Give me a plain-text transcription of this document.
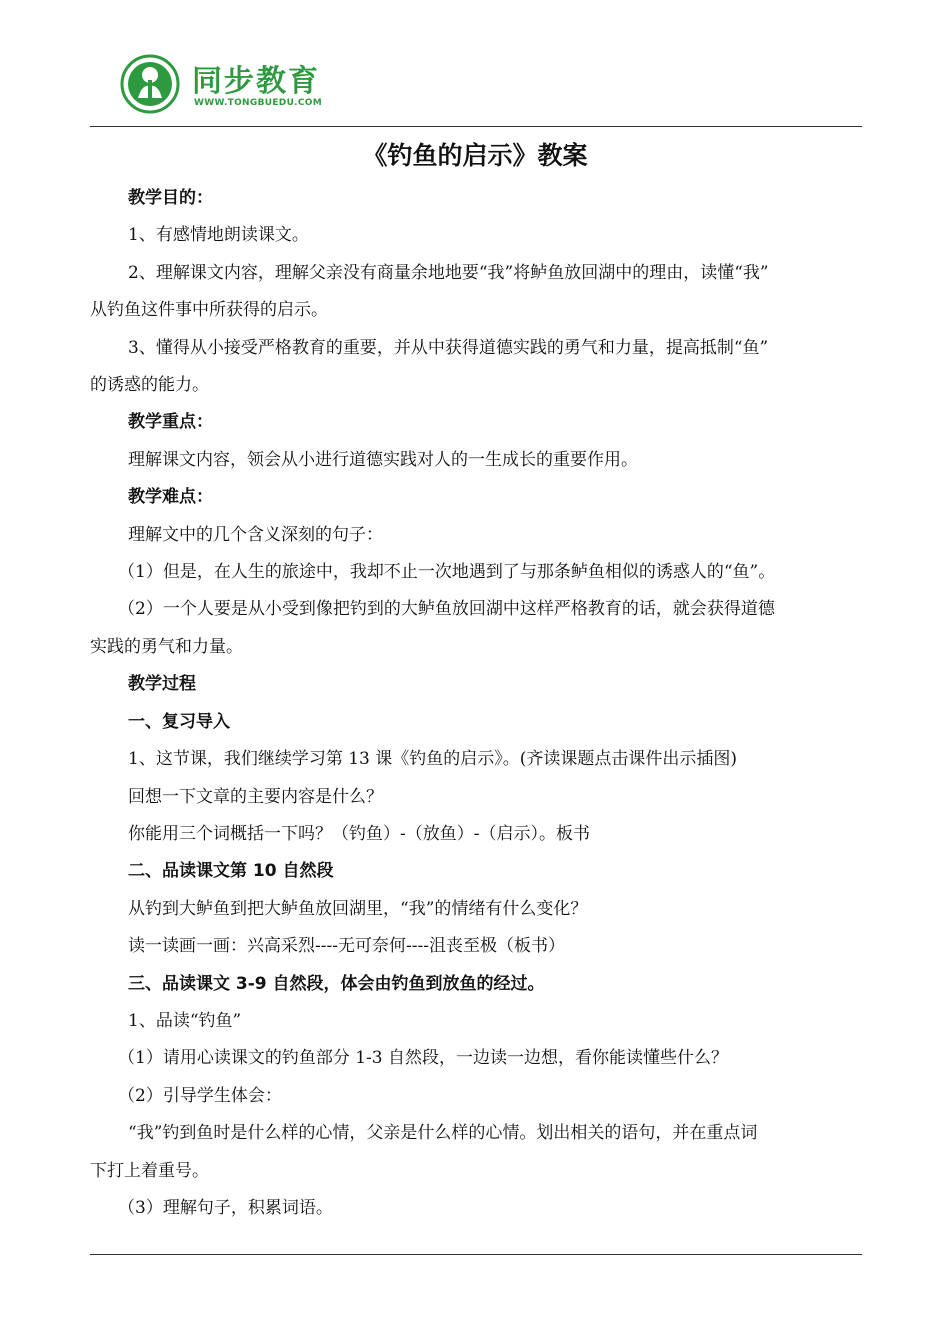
同步教育
WWW.TONGBUEDU.COM
《钓鱼的启示》教案
教学目的：
1、有感情地朗读课文。
2、理解课文内容，理解父亲没有商量余地地要“我”将鲈鱼放回湖中的理由，读懂“我”
从钓鱼这件事中所获得的启示。
3、懂得从小接受严格教育的重要，并从中获得道德实践的勇气和力量，提高抵制“鱼”
的诱惑的能力。
教学重点：
理解课文内容，领会从小进行道德实践对人的一生成长的重要作用。
教学难点：
理解文中的几个含义深刻的句子：
（1）但是，在人生的旅途中，我却不止一次地遇到了与那条鲈鱼相似的诱惑人的“鱼”。
（2）一个人要是从小受到像把钓到的大鲈鱼放回湖中这样严格教育的话，就会获得道德
实践的勇气和力量。
教学过程
一、复习导入
1、这节课，我们继续学习第 13 课《钓鱼的启示》。(齐读课题点击课件出示插图)
回想一下文章的主要内容是什么？
你能用三个词概括一下吗？（钓鱼）-（放鱼）-（启示）。板书
二、品读课文第 10 自然段
从钓到大鲈鱼到把大鲈鱼放回湖里，“我”的情绪有什么变化？
读一读画一画：兴高采烈----无可奈何----沮丧至极（板书）
三、品读课文 3-9 自然段，体会由钓鱼到放鱼的经过。
1、品读“钓鱼”
（1）请用心读课文的钓鱼部分 1-3 自然段，一边读一边想，看你能读懂些什么？
（2）引导学生体会：
“我”钓到鱼时是什么样的心情，父亲是什么样的心情。划出相关的语句，并在重点词
下打上着重号。
（3）理解句子，积累词语。
